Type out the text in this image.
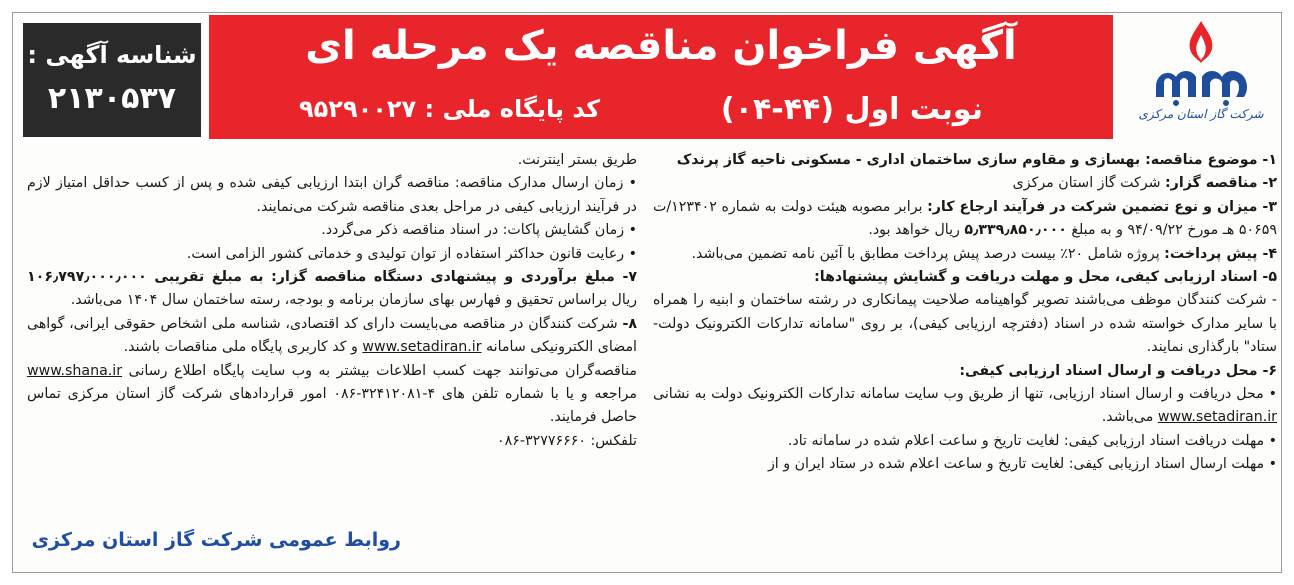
شناسه آگهی :
۲۱۳۰۵۳۷
آگهی فراخوان مناقصه یک مرحله ای
نوبت اول (۴۴-۰۴)
کد پایگاه ملی : ۹۵۲۹۰۰۲۷	شرکت گاز استان مرکزی

۱- موضوع مناقصه: بهسازی و مقاوم سازی ساختمان اداری - مسکونی ناحیه گاز پرندک

۲- مناقصه گزار: شرکت گاز استان مرکزی

۳- میزان و نوع تضمین شرکت در فرآیند ارجاع کار: برابر مصوبه هیئت دولت به شماره ۱۲۳۴۰۲/ت ۵۰۶۵۹ هـ مورخ ۹۴/۰۹/۲۲ و به مبلغ ۵٫۳۳۹٫۸۵۰٫۰۰۰ ریال خواهد بود.

۴- پیش پرداخت: پروژه شامل ۲۰٪ بیست درصد پیش پرداخت مطابق با آئین نامه تضمین می‌باشد.

۵- اسناد ارزیابی کیفی، محل و مهلت دریافت و گشایش پیشنهادها:

- شرکت کنندگان موظف می‌باشند تصویر گواهینامه صلاحیت پیمانکاری در رشته ساختمان و ابنیه را همراه با سایر مدارک خواسته شده در اسناد (دفترچه ارزیابی کیفی)، بر روی "سامانه تدارکات الکترونیک دولت-ستاد" بارگذاری نمایند.

۶- محل دریافت و ارسال اسناد ارزیابی کیفی:

• محل دریافت و ارسال اسناد ارزیابی، تنها از طریق وب سایت سامانه تدارکات الکترونیک دولت به نشانی www.setadiran.ir می‌باشد.

• مهلت دریافت اسناد ارزیابی کیفی: لغایت تاریخ و ساعت اعلام شده در سامانه تاد.

• مهلت ارسال اسناد ارزیابی کیفی: لغایت تاریخ و ساعت اعلام شده در ستاد ایران و از

طریق بستر اینترنت.

• زمان ارسال مدارک مناقصه: مناقصه گران ابتدا ارزیابی کیفی شده و پس از کسب حداقل امتیاز لازم در فرآیند ارزیابی کیفی در مراحل بعدی مناقصه شرکت می‌نمایند.

• زمان گشایش پاکات: در اسناد مناقصه ذکر می‌گردد.

• رعایت قانون حداکثر استفاده از توان تولیدی و خدماتی کشور الزامی است.

۷- مبلغ برآوردی و پیشنهادی دستگاه مناقصه گزار: به مبلغ تقریبی ۱۰۶٫۷۹۷٫۰۰۰٫۰۰۰ ریال براساس تحقیق و فهارس بهای سازمان برنامه و بودجه، رسته ساختمان سال ۱۴۰۴ می‌باشد.

۸- شرکت کنندگان در مناقصه می‌بایست دارای کد اقتصادی، شناسه ملی اشخاص حقوقی ایرانی، گواهی امضای الکترونیکی سامانه www.setadiran.ir و کد کاربری پایگاه ملی مناقصات باشند.

مناقصه‌گران می‌توانند جهت کسب اطلاعات بیشتر به وب سایت پایگاه اطلاع رسانی www.shana.ir مراجعه و یا با شماره تلفن های ۴-۳۲۴۱۲۰۸۱-۰۸۶ امور قراردادهای شرکت گاز استان مرکزی تماس حاصل فرمایند.

تلفکس: ۳۲۷۷۶۶۶۰-۰۸۶

روابط عمومی شرکت گاز استان مرکزی
